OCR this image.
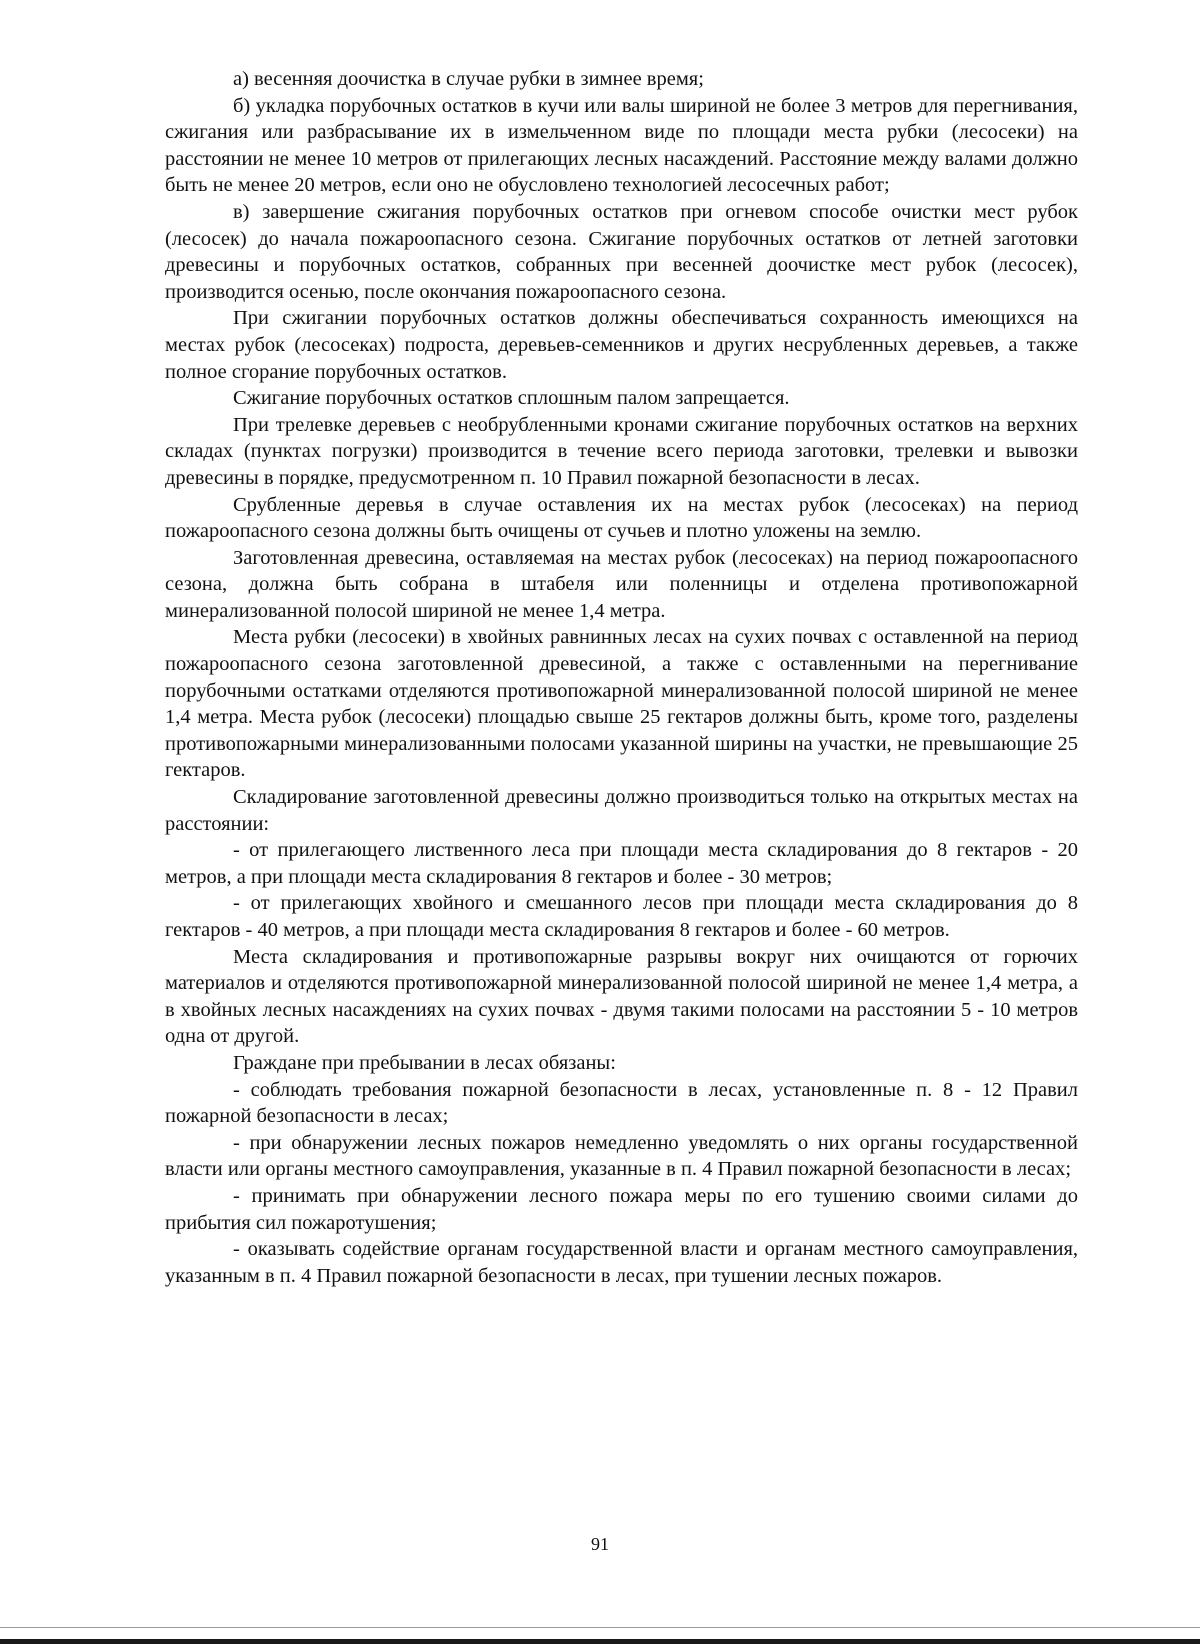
а) весенняя доочистка в случае рубки в зимнее время;

б) укладка порубочных остатков в кучи или валы шириной не более 3 метров для перегнивания, сжигания или разбрасывание их в измельченном виде по площади места рубки (лесосеки) на расстоянии не менее 10 метров от прилегающих лесных насаждений. Расстояние между валами должно быть не менее 20 метров, если оно не обусловлено технологией лесосечных работ;

в) завершение сжигания порубочных остатков при огневом способе очистки мест рубок (лесосек) до начала пожароопасного сезона. Сжигание порубочных остатков от летней заготовки древесины и порубочных остатков, собранных при весенней доочистке мест рубок (лесосек), производится осенью, после окончания пожароопасного сезона.

При сжигании порубочных остатков должны обеспечиваться сохранность имеющихся на местах рубок (лесосеках) подроста, деревьев-семенников и других несрубленных деревьев, а также полное сгорание порубочных остатков.

Сжигание порубочных остатков сплошным палом запрещается.

При трелевке деревьев с необрубленными кронами сжигание порубочных остатков на верхних складах (пунктах погрузки) производится в течение всего периода заготовки, трелевки и вывозки древесины в порядке, предусмотренном п. 10 Правил пожарной безопасности в лесах.

Срубленные деревья в случае оставления их на местах рубок (лесосеках) на период пожароопасного сезона должны быть очищены от сучьев и плотно уложены на землю.

Заготовленная древесина, оставляемая на местах рубок (лесосеках) на период пожароопасного сезона, должна быть собрана в штабеля или поленницы и отделена противопожарной минерализованной полосой шириной не менее 1,4 метра.

Места рубки (лесосеки) в хвойных равнинных лесах на сухих почвах с оставленной на период пожароопасного сезона заготовленной древесиной, а также с оставленными на перегнивание порубочными остатками отделяются противопожарной минерализованной полосой шириной не менее 1,4 метра. Места рубок (лесосеки) площадью свыше 25 гектаров должны быть, кроме того, разделены противопожарными минерализованными полосами указанной ширины на участки, не превышающие 25 гектаров.

Складирование заготовленной древесины должно производиться только на открытых местах на расстоянии:

- от прилегающего лиственного леса при площади места складирования до 8 гектаров - 20 метров, а при площади места складирования 8 гектаров и более - 30 метров;

- от прилегающих хвойного и смешанного лесов при площади места складирования до 8 гектаров - 40 метров, а при площади места складирования 8 гектаров и более - 60 метров.

Места складирования и противопожарные разрывы вокруг них очищаются от горючих материалов и отделяются противопожарной минерализованной полосой шириной не менее 1,4 метра, а в хвойных лесных насаждениях на сухих почвах - двумя такими полосами на расстоянии 5 - 10 метров одна от другой.

Граждане при пребывании в лесах обязаны:

- соблюдать требования пожарной безопасности в лесах, установленные п. 8 - 12 Правил пожарной безопасности в лесах;

- при обнаружении лесных пожаров немедленно уведомлять о них органы государственной власти или органы местного самоуправления, указанные в п. 4 Правил пожарной безопасности в лесах;

- принимать при обнаружении лесного пожара меры по его тушению своими силами до прибытия сил пожаротушения;

- оказывать содействие органам государственной власти и органам местного самоуправления, указанным в п. 4 Правил пожарной безопасности в лесах, при тушении лесных пожаров.

91
